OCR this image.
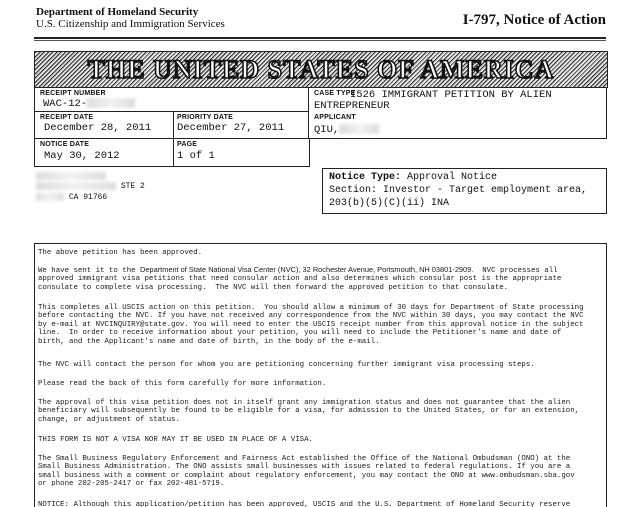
Department of Homeland Security
U.S. Citizenship and Immigration Services	I-797, Notice of Action
THE UNITED STATES OF AMERICA
RECEIPT NUMBER
WAC-12-
CASE TYPE
I526 IMMIGRANT PETITION BY ALIEN
RECEIPT DATE
December 28, 2011
PRIORITY DATE
December 27, 2011
ENTREPRENEUR
APPLICANT
QIU,
NOTICE DATE
May 30, 2012
PAGE
1 of 1
STE 2
CA 91766
Notice Type: Approval Notice
Section: Investor - Target employment area,
203(b)(5)(C)(ii) INA
The above petition has been approved.
We have sent it to the Department of State National Visa Center (NVC), 32 Rochester Avenue, Portsmouth, NH 03801-2909.  NVC processes all
approved immigrant visa petitions that need consular action and also determines which consular post is the appropriate
consulate to complete visa processing.  The NVC will then forward the approved petition to that consulate.
This completes all USCIS action on this petition.  You should allow a minimum of 30 days for Department of State processing
before contacting the NVC. If you have not received any correspondence from the NVC within 30 days, you may contact the NVC
by e-mail at NVCINQUIRY@state.gov. You will need to enter the USCIS receipt number from this approval notice in the subject
line.  In order to receive information about your petition, you will need to include the Petitioner's name and date of
birth, and the Applicant's name and date of birth, in the body of the e-mail.
The NVC will contact the person for whom you are petitioning concerning further immigrant visa processing steps.
Please read the back of this form carefully for more information.
The approval of this visa petition does not in itself grant any immigration status and does not guarantee that the alien
beneficiary will subsequently be found to be eligible for a visa, for admission to the United States, or for an extension,
change, or adjustment of status.
THIS FORM IS NOT A VISA NOR MAY IT BE USED IN PLACE OF A VISA.
The Small Business Regulatory Enforcement and Fairness Act established the Office of the National Ombudsman (ONO) at the
Small Business Administration. The ONO assists small businesses with issues related to federal regulations. If you are a
small business with a comment or complaint about regulatory enforcement, you may contact the ONO at www.ombudsman.sba.gov
or phone 202-205-2417 or fax 202-481-5719.
NOTICE: Although this application/petition has been approved, USCIS and the U.S. Department of Homeland Security reserve
